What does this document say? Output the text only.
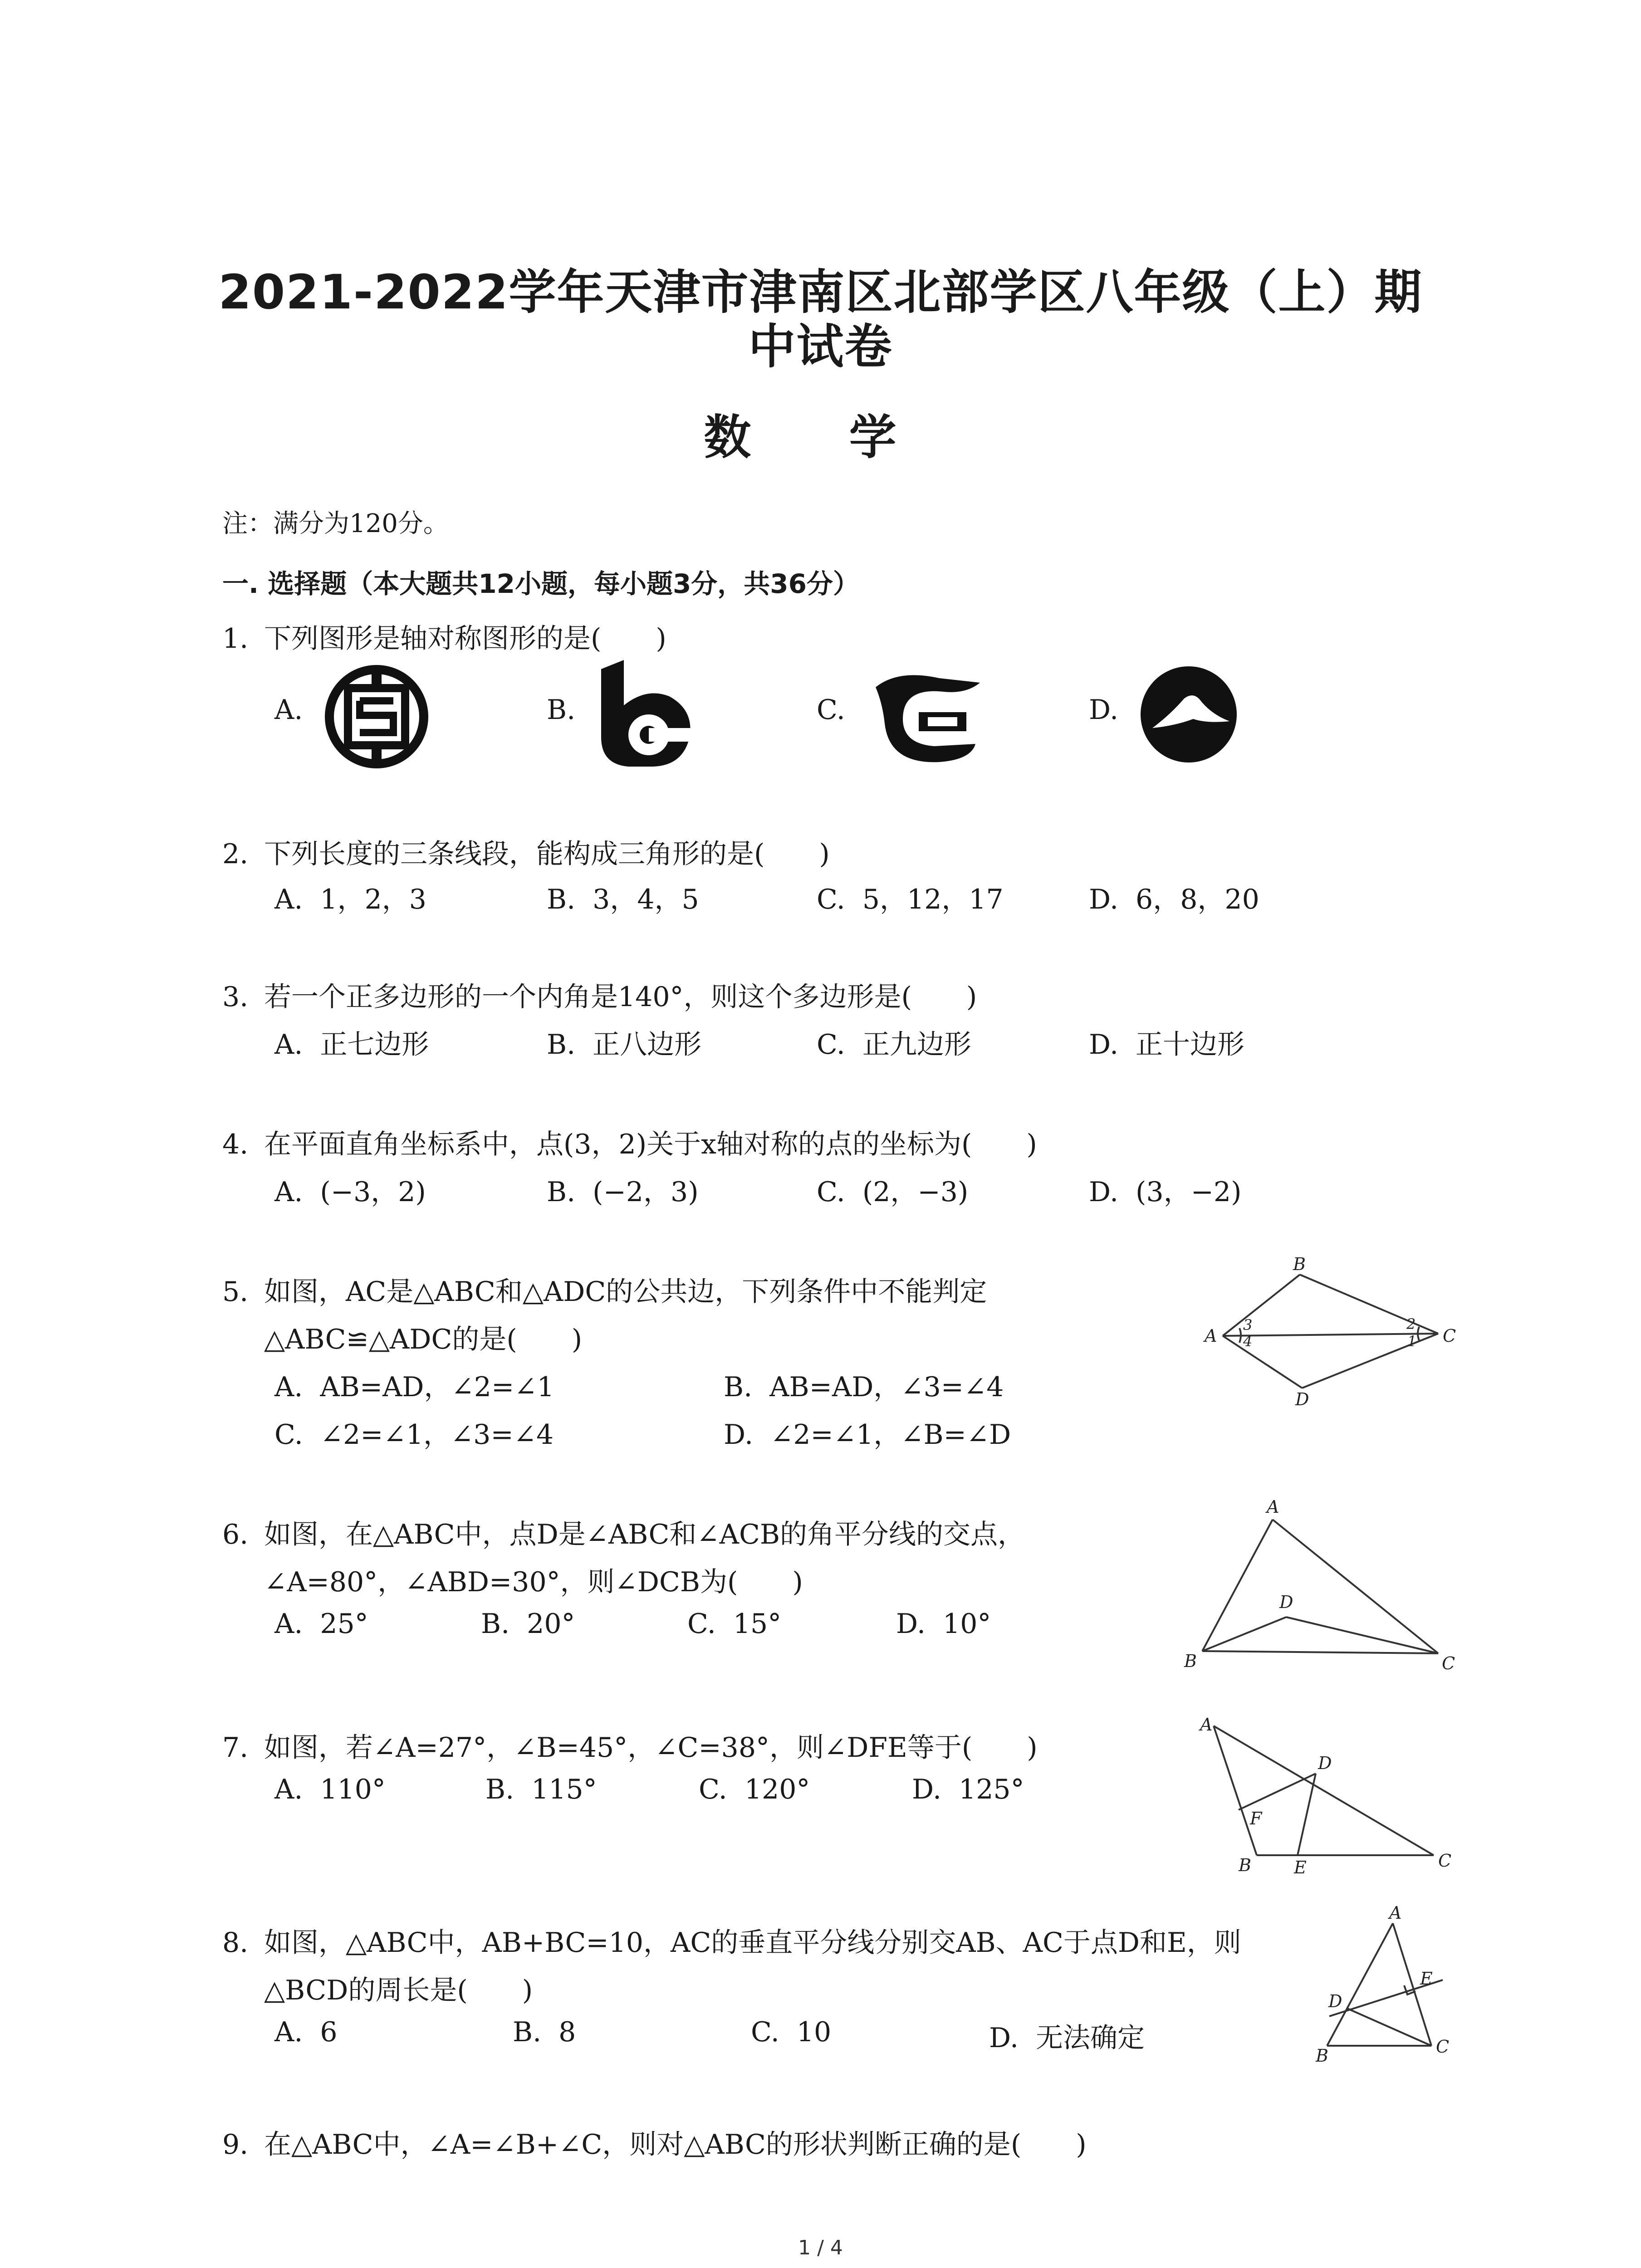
2021-2022学年天津市津南区北部学区八年级（上）期
中试卷
数 学
注：满分为120分。
一. 选择题（本大题共12小题，每小题3分，共36分）
1. 下列图形是轴对称图形的是(　　)
A.	B.	C.	D.
2. 下列长度的三条线段，能构成三角形的是(　　)
A. 1，2，3	B. 3，4，5	C. 5，12，17	D. 6，8，20
3. 若一个正多边形的一个内角是140°，则这个多边形是(　　)
A. 正七边形	B. 正八边形	C. 正九边形	D. 正十边形
4. 在平面直角坐标系中，点(3，2)关于x轴对称的点的坐标为(　　)
A. (−3，2)	B. (−2，3)	C. (2，−3)	D. (3，−2)
5. 如图，AC是△ABC和△ADC的公共边，下列条件中不能判定
△ABC≌△ADC的是(　　)
A. AB=AD，∠2=∠1	B. AB=AD，∠3=∠4
C. ∠2=∠1，∠3=∠4	D. ∠2=∠1，∠B=∠D
A
B
C
D
1
2
3
4
6. 如图，在△ABC中，点D是∠ABC和∠ACB的角平分线的交点，
∠A=80°，∠ABD=30°，则∠DCB为(　　)
A. 25°	B. 20°	C. 15°	D. 10°
A
B	C
D
7. 如图，若∠A=27°，∠B=45°，∠C=38°，则∠DFE等于(　　)
A. 110°	B. 115°	C. 120°	D. 125°
A
B	C
D
E
F
8. 如图，△ABC中，AB+BC=10，AC的垂直平分线分别交AB、AC于点D和E，则
△BCD的周长是(　　)
A. 6	B. 8	C. 10	D. 无法确定
A
B	C
D
E
9. 在△ABC中，∠A=∠B+∠C，则对△ABC的形状判断正确的是(　　)
1 / 4
